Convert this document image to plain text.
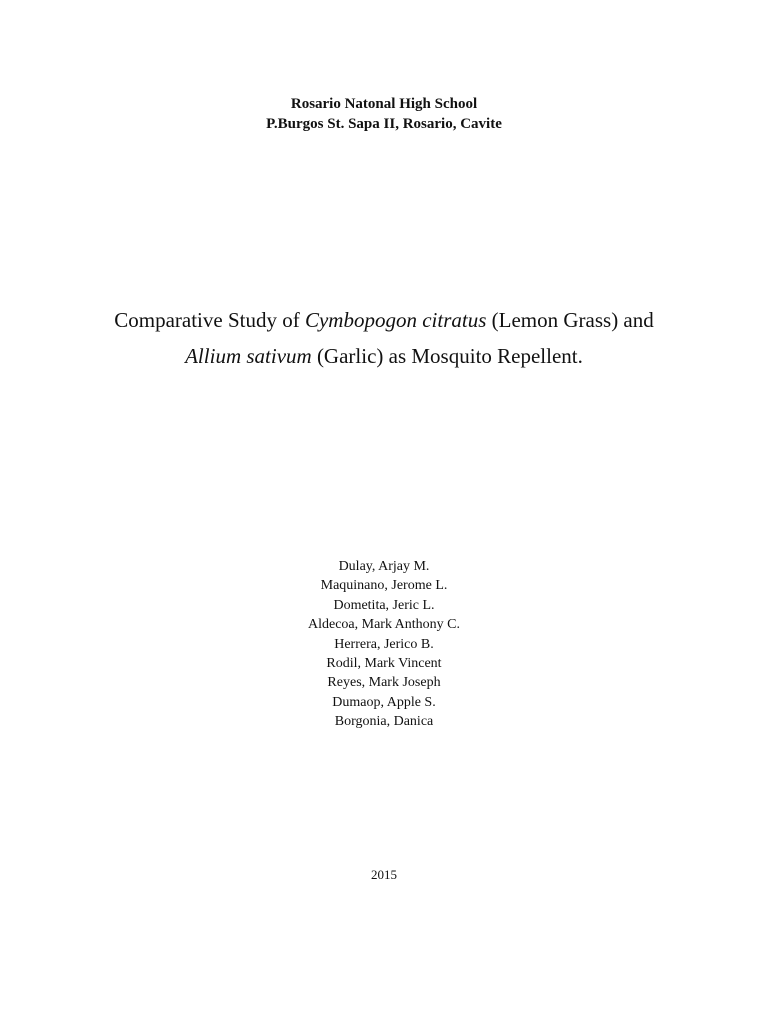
Rosario Natonal High School
P.Burgos St. Sapa II, Rosario, Cavite
Comparative Study of Cymbopogon citratus (Lemon Grass) and
Allium sativum (Garlic) as Mosquito Repellent.
Dulay, Arjay M.
Maquinano, Jerome L.
Dometita, Jeric L.
Aldecoa, Mark Anthony C.
Herrera, Jerico B.
Rodil, Mark Vincent
Reyes, Mark Joseph
Dumaop, Apple S.
Borgonia, Danica
2015
